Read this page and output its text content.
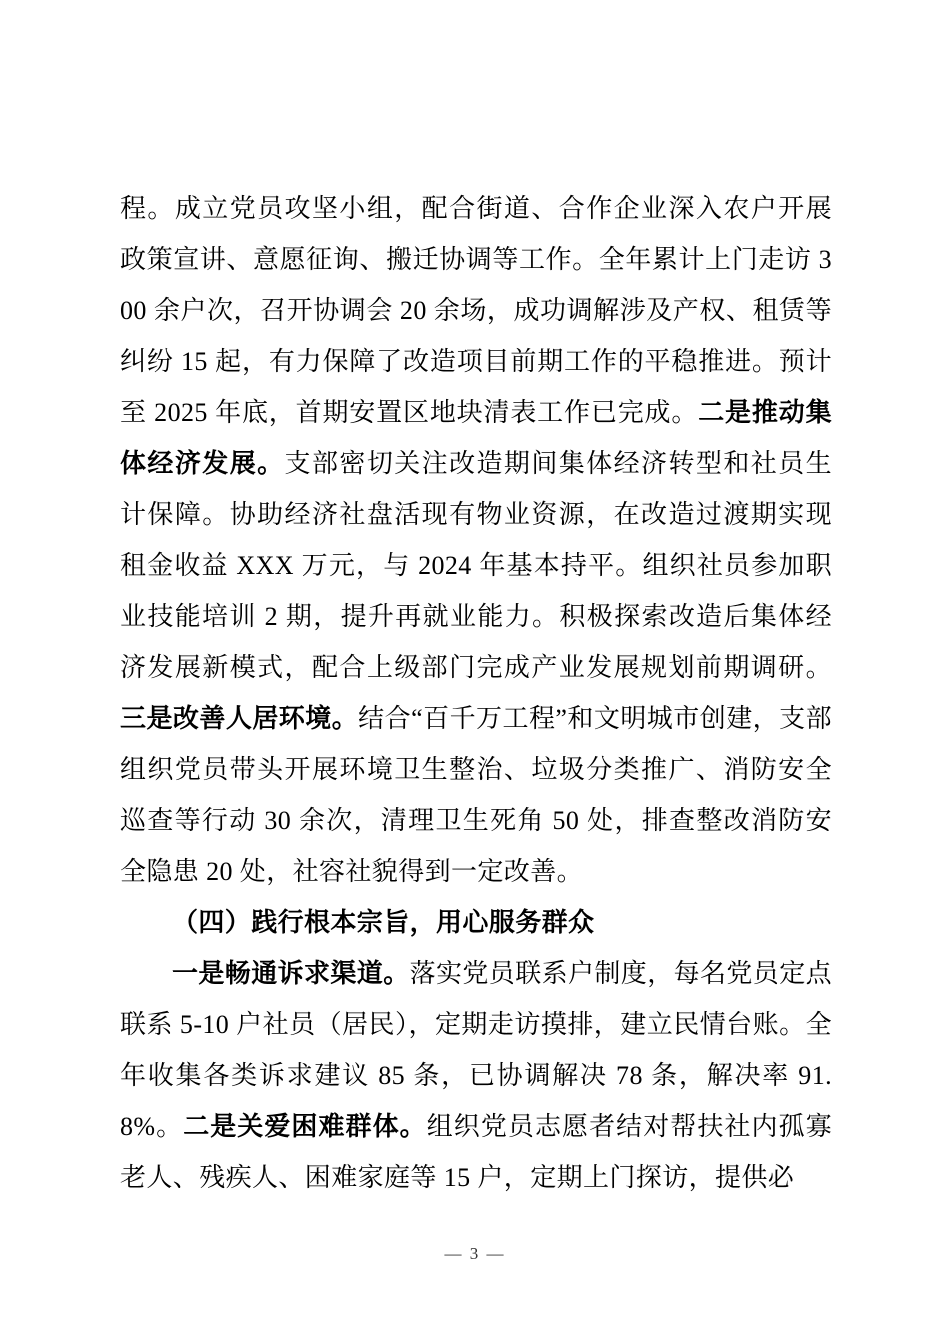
程。成立党员攻坚小组，配合街道、合作企业深入农户开展政策宣讲、意愿征询、搬迁协调等工作。全年累计上门走访 300 余户次，召开协调会 20 余场，成功调解涉及产权、租赁等纠纷 15 起，有力保障了改造项目前期工作的平稳推进。预计至 2025 年底，首期安置区地块清表工作已完成。二是推动集体经济发展。支部密切关注改造期间集体经济转型和社员生计保障。协助经济社盘活现有物业资源，在改造过渡期实现租金收益 XXX 万元，与 2024 年基本持平。组织社员参加职业技能培训 2 期，提升再就业能力。积极探索改造后集体经济发展新模式，配合上级部门完成产业发展规划前期调研。三是改善人居环境。结合“百千万工程”和文明城市创建，支部组织党员带头开展环境卫生整治、垃圾分类推广、消防安全巡查等行动 30 余次，清理卫生死角 50 处，排查整改消防安全隐患 20 处，社容社貌得到一定改善。

（四）践行根本宗旨，用心服务群众

一是畅通诉求渠道。落实党员联系户制度，每名党员定点联系 5-10 户社员（居民），定期走访摸排，建立民情台账。全年收集各类诉求建议 85 条，已协调解决 78 条，解决率 91.8%。二是关爱困难群体。组织党员志愿者结对帮扶社内孤寡老人、残疾人、困难家庭等 15 户，定期上门探访，提供必

— 3 —
